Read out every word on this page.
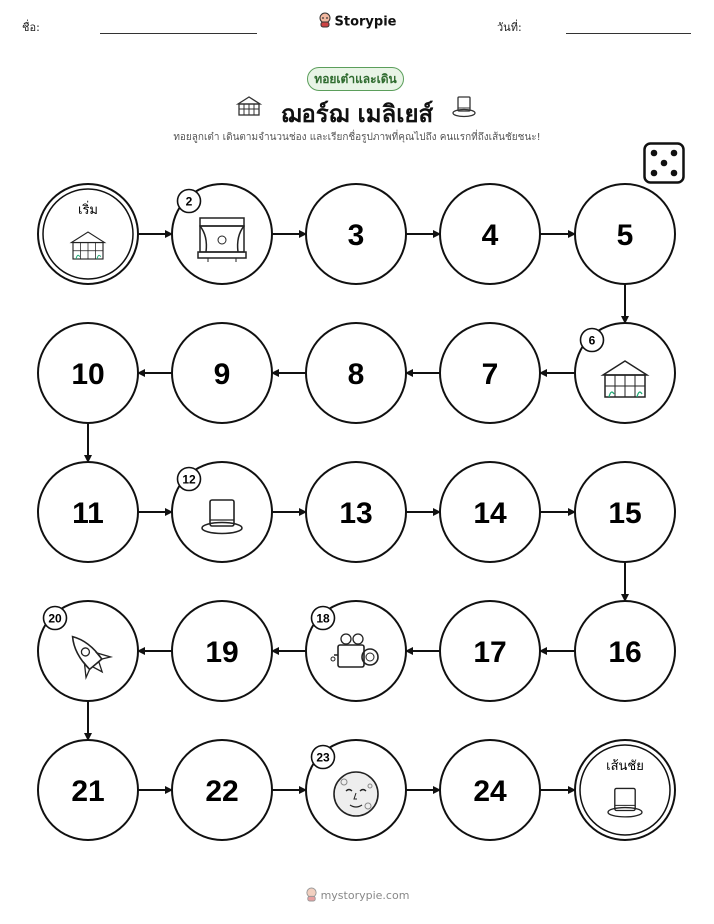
ชื่อ:	Storypie	วันที่:
ทอยเต๋าและเดิน
ฌอร์ฌ เมลิเยส์
ทอยลูกเต๋า เดินตามจำนวนช่อง และเรียกชื่อรูปภาพที่คุณไปถึง คนแรกที่ถึงเส้นชัยชนะ!
เริ่ม
2
3	4	5
6
7
8
9
10
11
12
13	14	15
16
17
18
19
20
21	22
23
24
เส้นชัย
mystorypie.com
